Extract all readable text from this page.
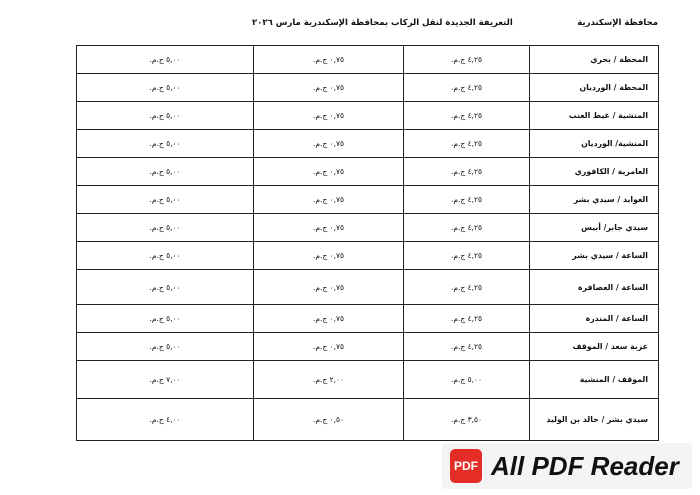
محافظة الإسكندرية
التعريفة الجديدة لنقل الركاب بمحافظة الإسكندرية مارس ٢٠٢٦
المحطة / بحري	٤,٢٥ ج.م.	٠,٧٥ ج.م.	٥,٠٠ ج.م.
المحطة / الورديان	٤,٢٥ ج.م.	٠,٧٥ ج.م.	٥,٠٠ ج.م.
المنشية / غيط العنب	٤,٢٥ ج.م.	٠,٧٥ ج.م.	٥,٠٠ ج.م.
المنشية/ الورديان	٤,٢٥ ج.م.	٠,٧٥ ج.م.	٥,٠٠ ج.م.
العامرية / الكافوري	٤,٢٥ ج.م.	٠,٧٥ ج.م.	٥,٠٠ ج.م.
العوايد / سيدي بشر	٤,٢٥ ج.م.	٠,٧٥ ج.م.	٥,٠٠ ج.م.
سيدي جابر/ أبيس	٤,٢٥ ج.م.	٠,٧٥ ج.م.	٥,٠٠ ج.م.
الساعة / سيدي بشر	٤,٢٥ ج.م.	٠,٧٥ ج.م.	٥,٠٠ ج.م.
الساعة / العصافرة	٤,٢٥ ج.م.	٠,٧٥ ج.م.	٥,٠٠ ج.م.
الساعة / المندرة	٤,٢٥ ج.م.	٠,٧٥ ج.م.	٥,٠٠ ج.م.
عزبة سعد / الموقف	٤,٢٥ ج.م.	٠,٧٥ ج.م.	٥,٠٠ ج.م.
الموقف / المنشية	٥,٠٠ ج.م.	٢,٠٠ ج.م.	٧,٠٠ ج.م.
سيدي بشر / خالد بن الوليد	٣,٥٠ ج.م.	٠,٥٠ ج.م.	٤,٠٠ ج.م.
PDF All PDF Reader
